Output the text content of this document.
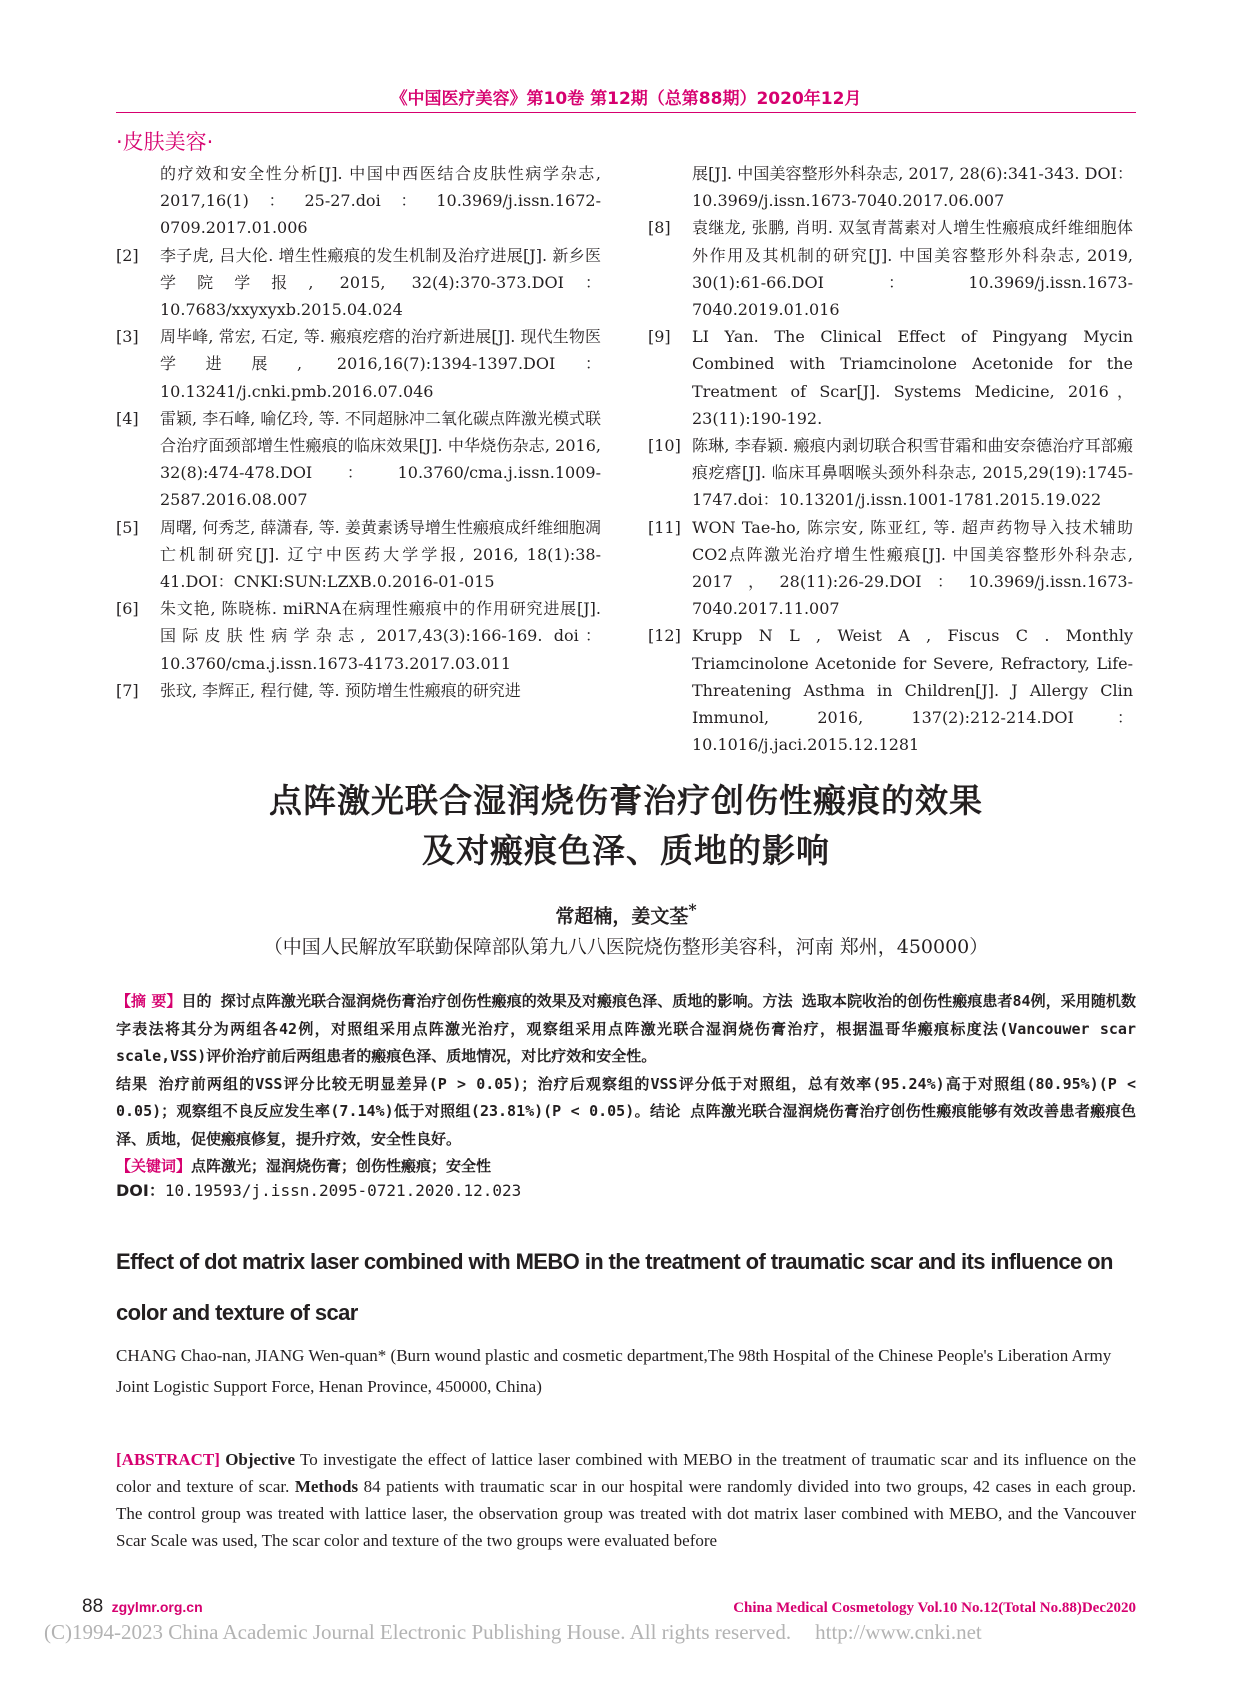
《中国医疗美容》第10卷 第12期（总第88期）2020年12月
·皮肤美容·
的疗效和安全性分析[J]. 中国中西医结合皮肤性病学杂志, 2017,16(1)：25-27.doi：10.3969/j.issn.1672-0709.2017.01.006
[2]	李子虎, 吕大伦. 增生性瘢痕的发生机制及治疗进展[J]. 新乡医学院学报, 2015, 32(4):370-373.DOI：10.7683/xxyxyxb.2015.04.024
[3]	周毕峰, 常宏, 石定, 等. 瘢痕疙瘩的治疗新进展[J]. 现代生物医学进展, 2016,16(7):1394-1397.DOI：10.13241/j.cnki.pmb.2016.07.046
[4]	雷颖, 李石峰, 喻亿玲, 等. 不同超脉冲二氧化碳点阵激光模式联合治疗面颈部增生性瘢痕的临床效果[J]. 中华烧伤杂志, 2016, 32(8):474-478.DOI：10.3760/cma.j.issn.1009-2587.2016.08.007
[5]	周曙, 何秀芝, 薛潇春, 等. 姜黄素诱导增生性瘢痕成纤维细胞凋亡机制研究[J]. 辽宁中医药大学学报, 2016, 18(1):38-41.DOI：CNKI:SUN:LZXB.0.2016-01-015
[6]	朱文艳, 陈晓栋. miRNA在病理性瘢痕中的作用研究进展[J]. 国际皮肤性病学杂志, 2017,43(3):166-169. doi：10.3760/cma.j.issn.1673-4173.2017.03.011
[7]	张玟, 李辉正, 程行健, 等. 预防增生性瘢痕的研究进
展[J]. 中国美容整形外科杂志, 2017, 28(6):341-343. DOI：10.3969/j.issn.1673-7040.2017.06.007
[8]	袁继龙, 张鹏, 肖明. 双氢青蒿素对人增生性瘢痕成纤维细胞体外作用及其机制的研究[J]. 中国美容整形外科杂志, 2019, 30(1):61-66.DOI：10.3969/j.issn.1673-7040.2019.01.016
[9]	LI Yan. The Clinical Effect of Pingyang Mycin Combined with Triamcinolone Acetonide for the Treatment of Scar[J]. Systems Medicine, 2016，23(11):190-192.
[10] 陈琳, 李春颖. 瘢痕内剥切联合积雪苷霜和曲安奈德治疗耳部瘢痕疙瘩[J]. 临床耳鼻咽喉头颈外科杂志, 2015,29(19):1745-1747.doi：10.13201/j.issn.1001-1781.2015.19.022
[11] WON Tae-ho, 陈宗安, 陈亚红, 等. 超声药物导入技术辅助CO2点阵激光治疗增生性瘢痕[J]. 中国美容整形外科杂志, 2017，28(11):26-29.DOI：10.3969/j.issn.1673-7040.2017.11.007
[12] Krupp N L , Weist A , Fiscus C . Monthly Triamcinolone Acetonide for Severe, Refractory, Life-Threatening Asthma in Children[J]. J Allergy Clin Immunol, 2016, 137(2):212-214.DOI：10.1016/j.jaci.2015.12.1281
点阵激光联合湿润烧伤膏治疗创伤性瘢痕的效果
及对瘢痕色泽、质地的影响
常超楠，姜文荃*
（中国人民解放军联勤保障部队第九八八医院烧伤整形美容科，河南 郑州，450000）
【摘 要】目的 探讨点阵激光联合湿润烧伤膏治疗创伤性瘢痕的效果及对瘢痕色泽、质地的影响。方法 选取本院收治的创伤性瘢痕患者84例，采用随机数字表法将其分为两组各42例，对照组采用点阵激光治疗，观察组采用点阵激光联合湿润烧伤膏治疗，根据温哥华瘢痕标度法(Vancouwer scar scale,VSS)评价治疗前后两组患者的瘢痕色泽、质地情况，对比疗效和安全性。
结果 治疗前两组的VSS评分比较无明显差异(P > 0.05)；治疗后观察组的VSS评分低于对照组，总有效率(95.24%)高于对照组(80.95%)(P < 0.05)；观察组不良反应发生率(7.14%)低于对照组(23.81%)(P < 0.05)。结论 点阵激光联合湿润烧伤膏治疗创伤性瘢痕能够有效改善患者瘢痕色泽、质地，促使瘢痕修复，提升疗效，安全性良好。
【关键词】点阵激光；湿润烧伤膏；创伤性瘢痕；安全性
DOI：10.19593/j.issn.2095-0721.2020.12.023
Effect of dot matrix laser combined with MEBO in the treatment of traumatic scar and its influence on color and texture of scar
CHANG Chao-nan, JIANG Wen-quan* (Burn wound plastic and cosmetic department,The 98th Hospital of the Chinese People's Liberation Army Joint Logistic Support Force, Henan Province, 450000, China)
[ABSTRACT] Objective To investigate the effect of lattice laser combined with MEBO in the treatment of traumatic scar and its influence on the color and texture of scar. Methods 84 patients with traumatic scar in our hospital were randomly divided into two groups, 42 cases in each group. The control group was treated with lattice laser, the observation group was treated with dot matrix laser combined with MEBO, and the Vancouver Scar Scale was used, The scar color and texture of the two groups were evaluated before
88 zgylmr.org.cn	China Medical Cosmetology Vol.10 No.12(Total No.88)Dec2020
(C)1994-2023 China Academic Journal Electronic Publishing House. All rights reserved. http://www.cnki.net
